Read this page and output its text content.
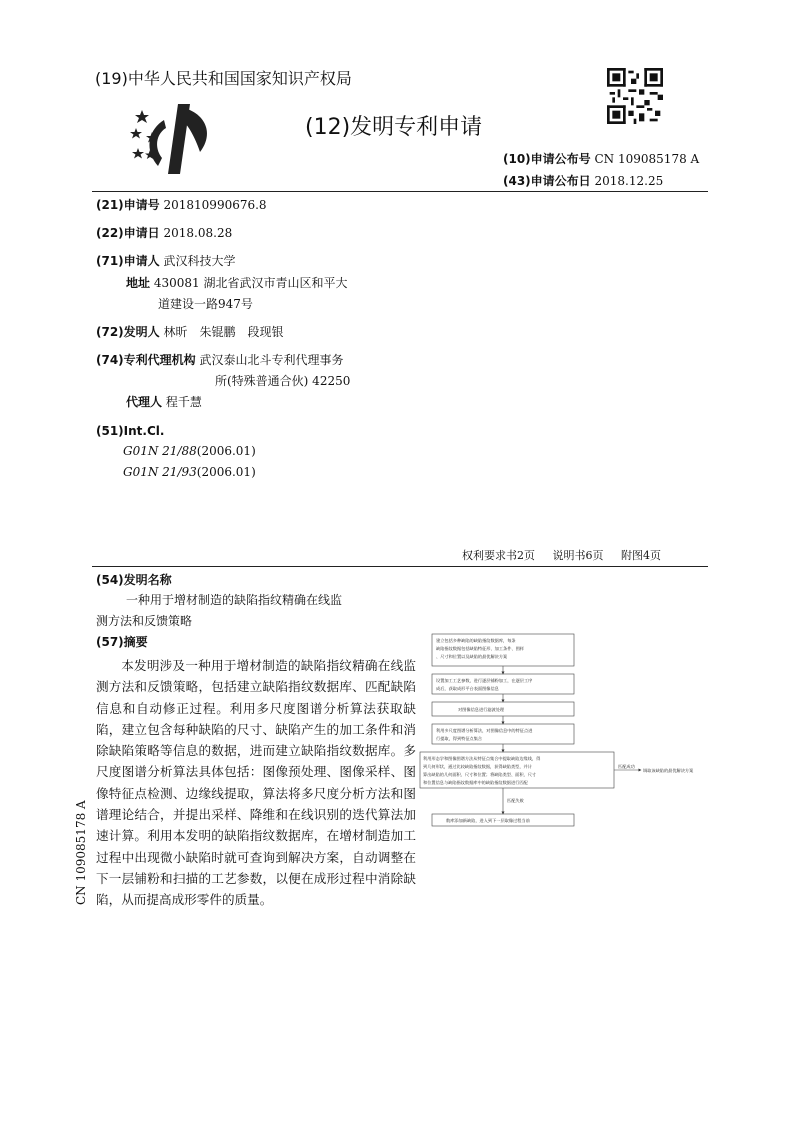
(19)中华人民共和国国家知识产权局
(12)发明专利申请
(10)申请公布号 CN 109085178 A
(43)申请公布日 2018.12.25
(21)申请号 201810990676.8
(22)申请日 2018.08.28
(71)申请人 武汉科技大学
地址 430081 湖北省武汉市青山区和平大
道建设一路947号
(72)发明人 林昕　朱锟鹏　段现银
(74)专利代理机构 武汉泰山北斗专利代理事务
所(特殊普通合伙) 42250
代理人 程千慧
(51)Int.Cl.
G01N 21/88(2006.01)
G01N 21/93(2006.01)
权利要求书2页 说明书6页 附图4页
(54)发明名称
一种用于增材制造的缺陷指纹精确在线监
测方法和反馈策略
(57)摘要
本发明涉及一种用于增材制造的缺陷指纹精确在线监测方法和反馈策略，包括建立缺陷指纹数据库、匹配缺陷信息和自动修正过程。利用多尺度图谱分析算法获取缺陷，建立包含每种缺陷的尺寸、缺陷产生的加工条件和消除缺陷策略等信息的数据，进而建立缺陷指纹数据库。多尺度图谱分析算法具体包括：图像预处理、图像采样、图像特征点检测、边缘线提取，算法将多尺度分析方法和图谱理论结合，并提出采样、降维和在线识别的迭代算法加速计算。利用本发明的缺陷指纹数据库，在增材制造加工过程中出现微小缺陷时就可查询到解决方案，自动调整在下一层铺粉和扫描的工艺参数，以便在成形过程中消除缺陷，从而提高成形零件的质量。
CN 109085178 A
建立包括多种缺陷的缺陷指纹数据库，每条
缺陷指纹数据包括缺陷特征形、加工条件、图样
、尺寸和位置以及缺陷的最优解决方案
设置加工工艺参数，进行逐层铺粉加工，在逐层工序
成后，获取成形平台表面图像信息
对图像信息进行滤波处理
利用多尺度图谱分析算法，对图像信息中的特征点进
行提取，得到特征点集合
利用形态学和图像图谱方法从特征点集合中提取缺陷边缘线，得
到几何形状，通过比较缺陷指纹数据，获得缺陷类型，并计
算出缺陷的几何面积、尺寸和位置；将缺陷类型、面积、尺寸
和位置信息与缺陷指纹数据库中的缺陷指纹数据进行匹配
匹配成功
调取该缺陷的最优解决方案
匹配失败
数库添加新缺陷，进入到下一层取像过程当前
